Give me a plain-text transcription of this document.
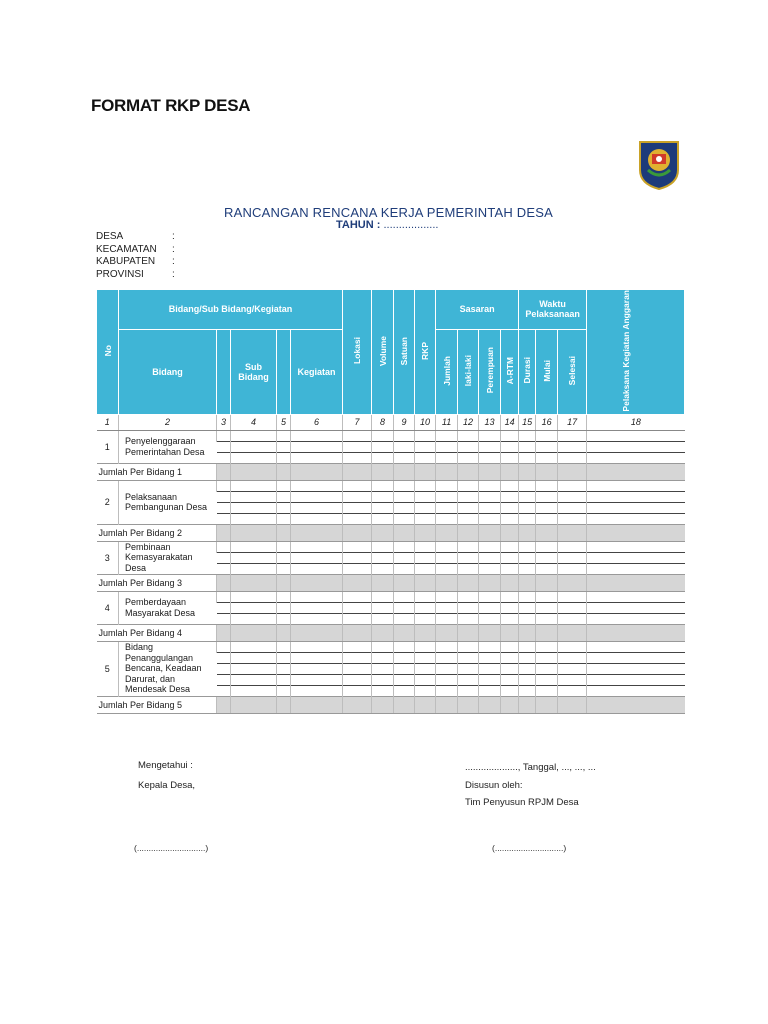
FORMAT RKP DESA
RANCANGAN RENCANA KERJA PEMERINTAH DESA
TAHUN : ..................
DESA	:
KECAMATAN	:
KABUPATEN	:
PROVINSI	:
No	Bidang/Sub Bidang/Kegiatan					Lokasi	Volume	Satuan	RKP	Sasaran				Waktu Pelaksanaan			Pelaksana Kegiatan Anggaran
	Bidang		Sub Bidang		Kegiatan					Jumlah	laki-laki	Perempuan	A-RTM	Durasi	Mulai	Selesai	
1	2	3	4	5	6	7	8	9	10	11	12	13	14	15	16	17	18
1	Penyelenggaraan Pemerintahan Desa																

Jumlah Per Bidang 1																	
2	Pelaksanaan Pembangunan Desa																

Jumlah Per Bidang 2																	
3	Pembinaan Kemasyarakatan Desa																

Jumlah Per Bidang 3																	
4	Pemberdayaan Masyarakat Desa																

Jumlah Per Bidang 4																	
5	Bidang Penanggulangan Bencana, Keadaan Darurat, dan Mendesak Desa																

Jumlah Per Bidang 5																	
Mengetahui :
Kepala Desa,
(.............................)
...................., Tanggal, ..., ..., ...
Disusun oleh:
Tim Penyusun RPJM Desa
(.............................)
